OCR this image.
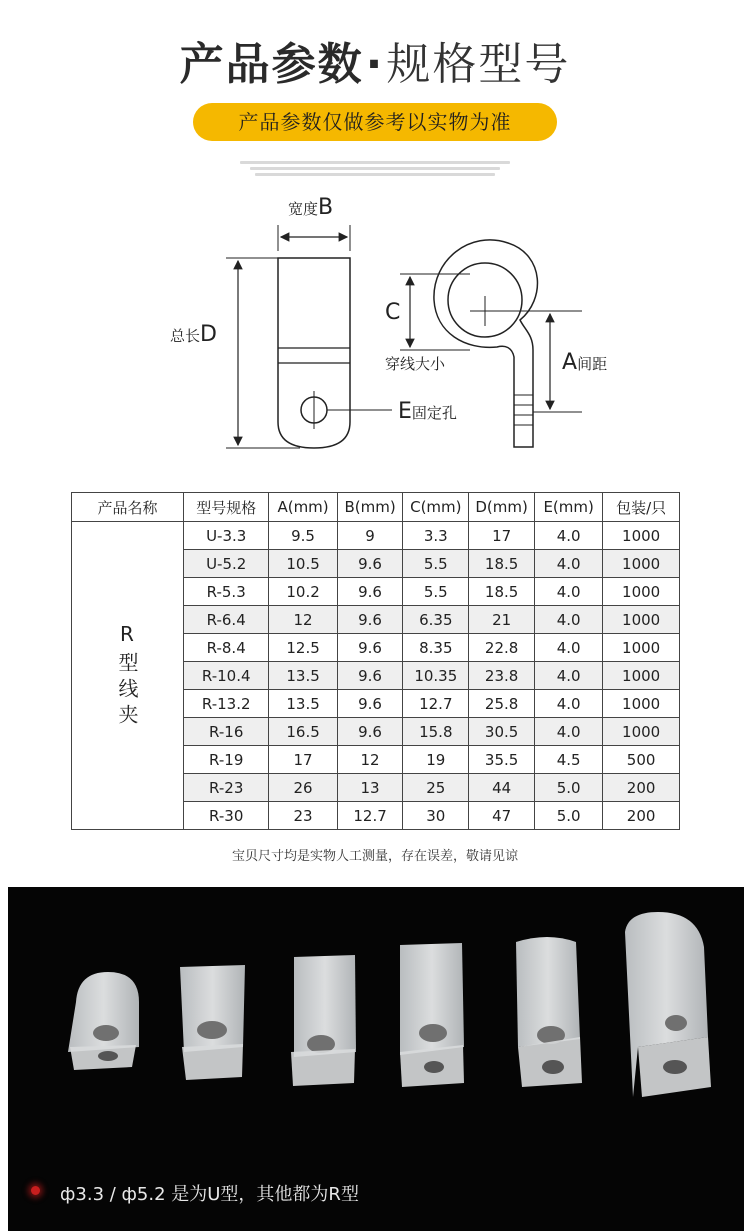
产品参数·规格型号
产品参数仅做参考以实物为准
宽度B
总长D
E固定孔
C
穿线大小	A间距
产品名称	型号规格	A(mm)	B(mm)	C(mm)	D(mm)	E(mm)	包装/只
R型线夹	U-3.3	9.5	9	3.3	17	4.0	1000
	U-5.2	10.5	9.6	5.5	18.5	4.0	1000
	R-5.3	10.2	9.6	5.5	18.5	4.0	1000
	R-6.4	12	9.6	6.35	21	4.0	1000
	R-8.4	12.5	9.6	8.35	22.8	4.0	1000
	R-10.4	13.5	9.6	10.35	23.8	4.0	1000
	R-13.2	13.5	9.6	12.7	25.8	4.0	1000
	R-16	16.5	9.6	15.8	30.5	4.0	1000
	R-19	17	12	19	35.5	4.5	500
	R-23	26	13	25	44	5.0	200
	R-30	23	12.7	30	47	5.0	200
宝贝尺寸均是实物人工测量，存在误差，敬请见谅
ф3.3 / ф5.2 是为U型，其他都为R型
